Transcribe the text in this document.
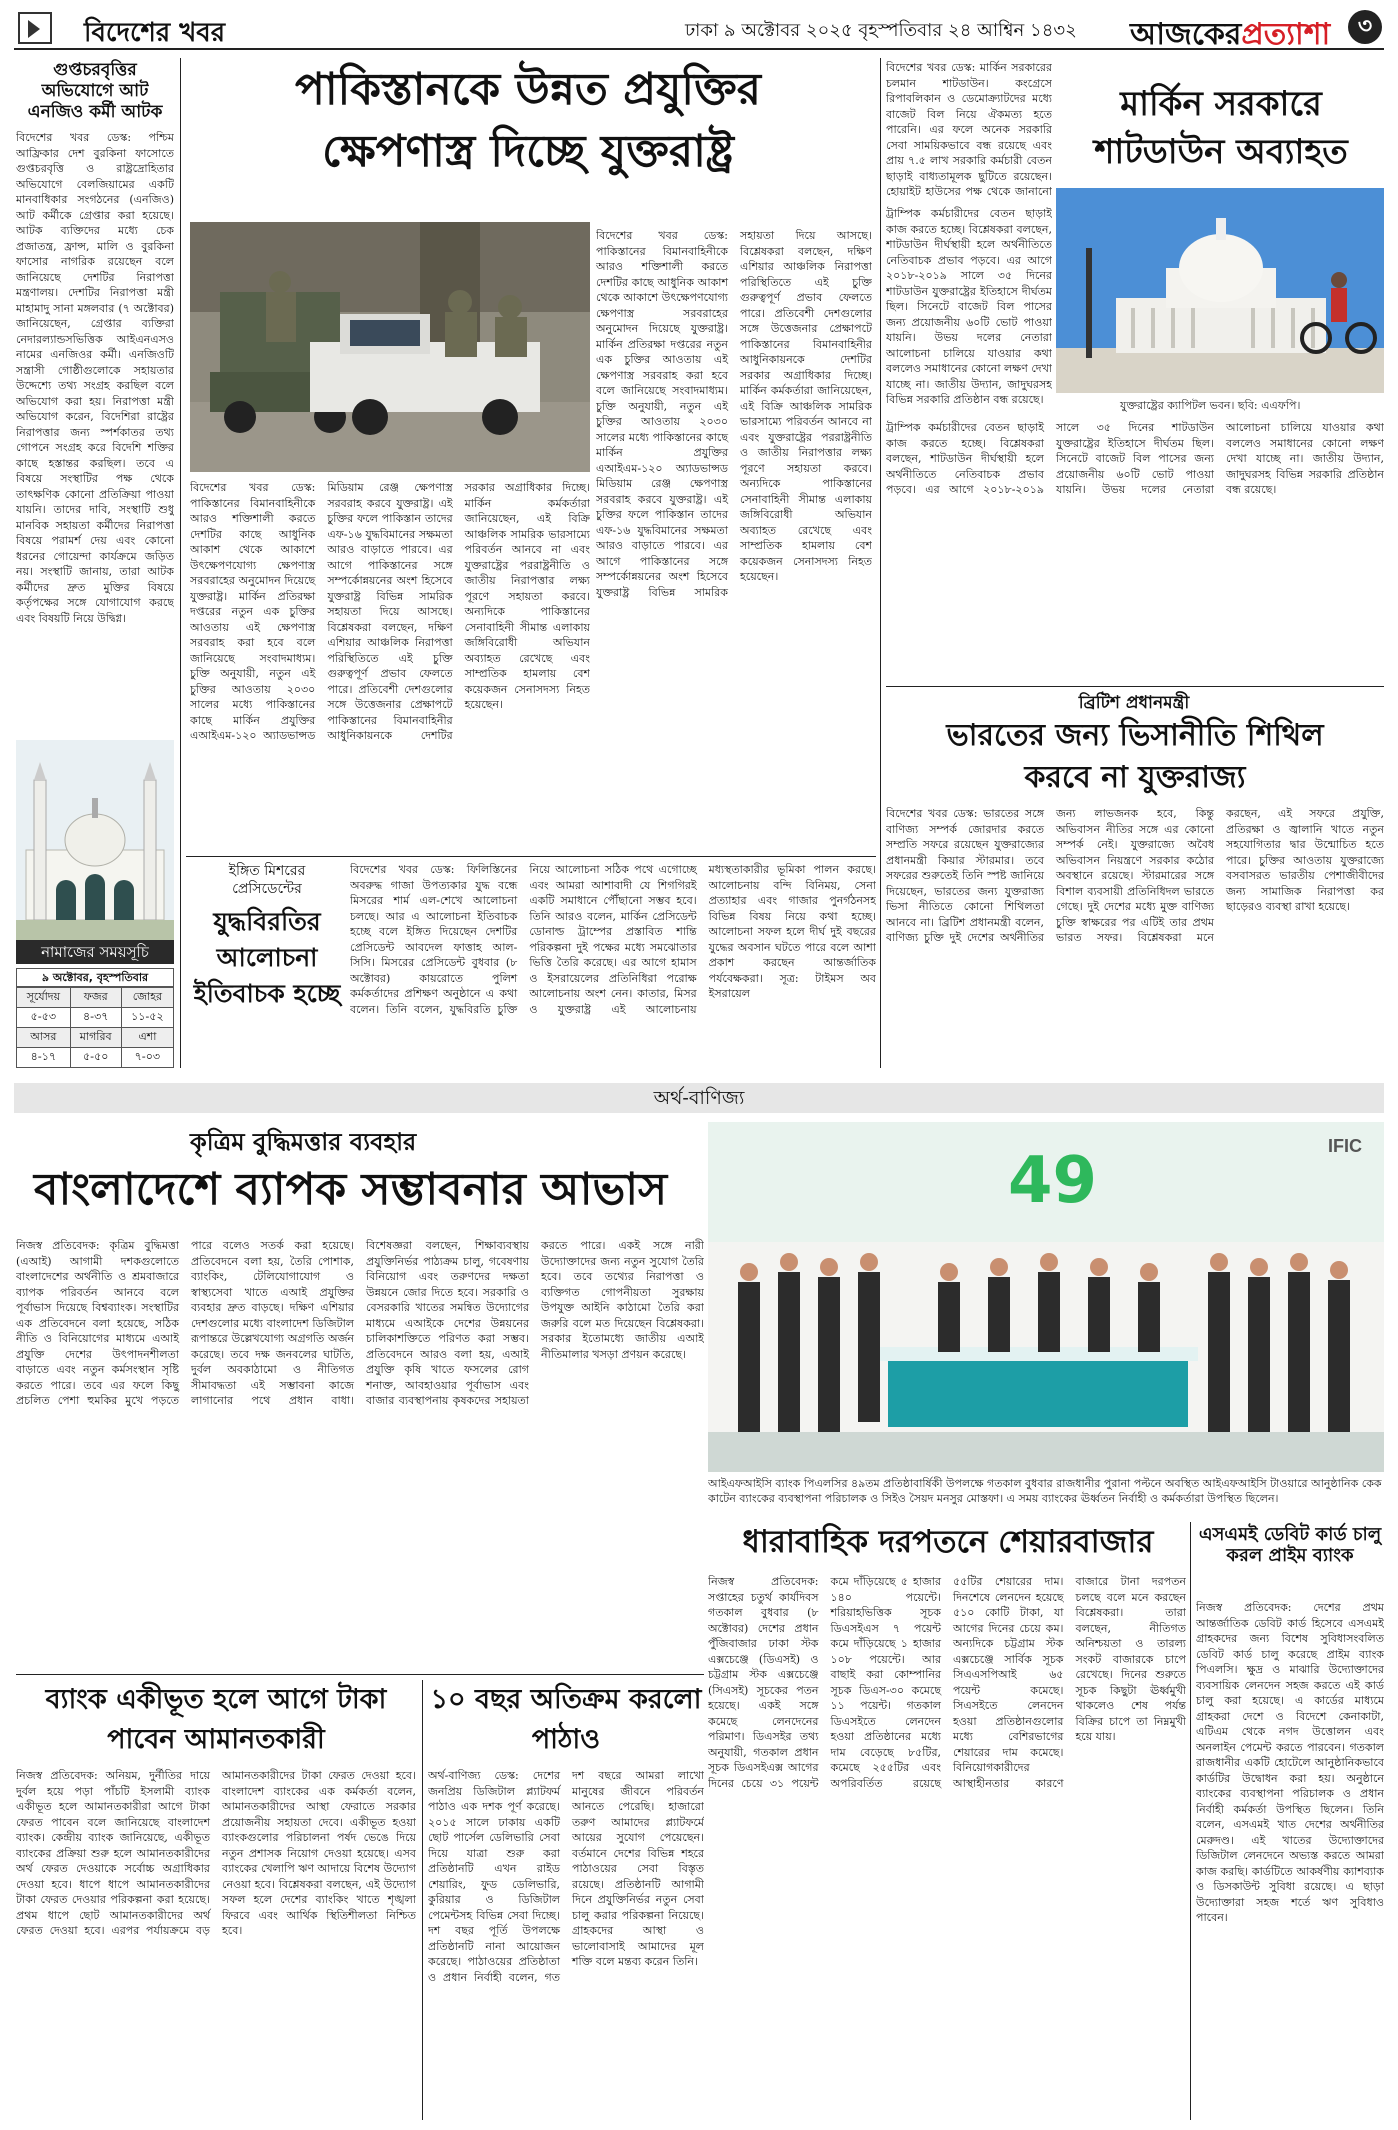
বিদেশের খবর	ঢাকা ৯ অক্টোবর ২০২৫ বৃহস্পতিবার ২৪ আশ্বিন ১৪৩২ আজকেরপ্রত্যাশা	৩
গুপ্তচরবৃত্তির অভিযোগে আট এনজিও কর্মী আটক
বিদেশের খবর ডেস্ক: পশ্চিম আফ্রিকার দেশ বুরকিনা ফাসোতে গুপ্তচরবৃত্তি ও রাষ্ট্রদ্রোহিতার অভিযোগে বেলজিয়ামের একটি মানবাধিকার সংগঠনের (এনজিও) আট কর্মীকে গ্রেপ্তার করা হয়েছে। আটক ব্যক্তিদের মধ্যে চেক প্রজাতন্ত্র, ফ্রান্স, মালি ও বুরকিনা ফাসোর নাগরিক রয়েছেন বলে জানিয়েছে দেশটির নিরাপত্তা মন্ত্রণালয়। দেশটির নিরাপত্তা মন্ত্রী মাহামাদু সানা মঙ্গলবার (৭ অক্টোবর) জানিয়েছেন, গ্রেপ্তার ব্যক্তিরা নেদারল্যান্ডসভিত্তিক আইএনএসও নামের এনজিওর কর্মী। এনজিওটি সন্ত্রাসী গোষ্ঠীগুলোকে সহায়তার উদ্দেশ্যে তথ্য সংগ্রহ করছিল বলে অভিযোগ করা হয়। নিরাপত্তা মন্ত্রী অভিযোগ করেন, বিদেশিরা রাষ্ট্রের নিরাপত্তার জন্য স্পর্শকাতর তথ্য গোপনে সংগ্রহ করে বিদেশি শক্তির কাছে হস্তান্তর করছিল। তবে এ বিষয়ে সংস্থাটির পক্ষ থেকে তাৎক্ষণিক কোনো প্রতিক্রিয়া পাওয়া যায়নি। তাদের দাবি, সংস্থাটি শুধু মানবিক সহায়তা কর্মীদের নিরাপত্তা বিষয়ে পরামর্শ দেয় এবং কোনো ধরনের গোয়েন্দা কার্যক্রমে জড়িত নয়। সংস্থাটি জানায়, তারা আটক কর্মীদের দ্রুত মুক্তির বিষয়ে কর্তৃপক্ষের সঙ্গে যোগাযোগ করছে এবং বিষয়টি নিয়ে উদ্বিগ্ন।
নামাজের সময়সূচি
৯ অক্টোবর, বৃহস্পতিবার
সূর্যোদয়	ফজর	জোহর
৫-৫৩	৪-৩৭	১১-৫২
আসর	মাগরিব	এশা
৪-১৭	৫-৫০	৭-০৩
পাকিস্তানকে উন্নত প্রযুক্তির
ক্ষেপণাস্ত্র দিচ্ছে যুক্তরাষ্ট্র
বিদেশের খবর ডেস্ক: পাকিস্তানের বিমানবাহিনীকে আরও শক্তিশালী করতে দেশটির কাছে আধুনিক আকাশ থেকে আকাশে উৎক্ষেপণযোগ্য ক্ষেপণাস্ত্র সরবরাহের অনুমোদন দিয়েছে যুক্তরাষ্ট্র। মার্কিন প্রতিরক্ষা দপ্তরের নতুন এক চুক্তির আওতায় এই ক্ষেপণাস্ত্র সরবরাহ করা হবে বলে জানিয়েছে সংবাদমাধ্যম। চুক্তি অনুযায়ী, নতুন এই চুক্তির আওতায় ২০৩০ সালের মধ্যে পাকিস্তানের কাছে মার্কিন প্রযুক্তির এআইএম-১২০ অ্যাডভান্সড মিডিয়াম রেঞ্জ ক্ষেপণাস্ত্র সরবরাহ করবে যুক্তরাষ্ট্র। এই চুক্তির ফলে পাকিস্তান তাদের এফ-১৬ যুদ্ধবিমানের সক্ষমতা আরও বাড়াতে পারবে। এর আগে পাকিস্তানের সঙ্গে সম্পর্কোন্নয়নের অংশ হিসেবে যুক্তরাষ্ট্র বিভিন্ন সামরিক সহায়তা দিয়ে আসছে। বিশ্লেষকরা বলছেন, দক্ষিণ এশিয়ার আঞ্চলিক নিরাপত্তা পরিস্থিতিতে এই চুক্তি গুরুত্বপূর্ণ প্রভাব ফেলতে পারে। প্রতিবেশী দেশগুলোর সঙ্গে উত্তেজনার প্রেক্ষাপটে পাকিস্তানের বিমানবাহিনীর আধুনিকায়নকে দেশটির সরকার অগ্রাধিকার দিচ্ছে। মার্কিন কর্মকর্তারা জানিয়েছেন, এই বিক্রি আঞ্চলিক সামরিক ভারসাম্যে পরিবর্তন আনবে না এবং যুক্তরাষ্ট্রের পররাষ্ট্রনীতি ও জাতীয় নিরাপত্তার লক্ষ্য পূরণে সহায়তা করবে। অন্যদিকে পাকিস্তানের সেনাবাহিনী সীমান্ত এলাকায় জঙ্গিবিরোধী অভিযান অব্যাহত রেখেছে এবং সাম্প্রতিক হামলায় বেশ কয়েকজন সেনাসদস্য নিহত হয়েছেন।
বিদেশের খবর ডেস্ক: পাকিস্তানের বিমানবাহিনীকে আরও শক্তিশালী করতে দেশটির কাছে আধুনিক আকাশ থেকে আকাশে উৎক্ষেপণযোগ্য ক্ষেপণাস্ত্র সরবরাহের অনুমোদন দিয়েছে যুক্তরাষ্ট্র। মার্কিন প্রতিরক্ষা দপ্তরের নতুন এক চুক্তির আওতায় এই ক্ষেপণাস্ত্র সরবরাহ করা হবে বলে জানিয়েছে সংবাদমাধ্যম। চুক্তি অনুযায়ী, নতুন এই চুক্তির আওতায় ২০৩০ সালের মধ্যে পাকিস্তানের কাছে মার্কিন প্রযুক্তির এআইএম-১২০ অ্যাডভান্সড মিডিয়াম রেঞ্জ ক্ষেপণাস্ত্র সরবরাহ করবে যুক্তরাষ্ট্র। এই চুক্তির ফলে পাকিস্তান তাদের এফ-১৬ যুদ্ধবিমানের সক্ষমতা আরও বাড়াতে পারবে। এর আগে পাকিস্তানের সঙ্গে সম্পর্কোন্নয়নের অংশ হিসেবে যুক্তরাষ্ট্র বিভিন্ন সামরিক সহায়তা দিয়ে আসছে। বিশ্লেষকরা বলছেন, দক্ষিণ এশিয়ার আঞ্চলিক নিরাপত্তা পরিস্থিতিতে এই চুক্তি গুরুত্বপূর্ণ প্রভাব ফেলতে পারে। প্রতিবেশী দেশগুলোর সঙ্গে উত্তেজনার প্রেক্ষাপটে পাকিস্তানের বিমানবাহিনীর আধুনিকায়নকে দেশটির সরকার অগ্রাধিকার দিচ্ছে। মার্কিন কর্মকর্তারা জানিয়েছেন, এই বিক্রি আঞ্চলিক সামরিক ভারসাম্যে পরিবর্তন আনবে না এবং যুক্তরাষ্ট্রের পররাষ্ট্রনীতি ও জাতীয় নিরাপত্তার লক্ষ্য পূরণে সহায়তা করবে। অন্যদিকে পাকিস্তানের সেনাবাহিনী সীমান্ত এলাকায় জঙ্গিবিরোধী অভিযান অব্যাহত রেখেছে এবং সাম্প্রতিক হামলায় বেশ কয়েকজন সেনাসদস্য নিহত হয়েছেন।
বিদেশের খবর ডেস্ক: মার্কিন সরকারের চলমান শাটডাউন। কংগ্রেসে রিপাবলিকান ও ডেমোক্র্যাটদের মধ্যে বাজেট বিল নিয়ে ঐকমত্য হতে পারেনি। এর ফলে অনেক সরকারি সেবা সাময়িকভাবে বন্ধ রয়েছে এবং প্রায় ৭.৫ লাখ সরকারি কর্মচারী বেতন ছাড়াই বাধ্যতামূলক ছুটিতে রয়েছেন। হোয়াইট হাউসের পক্ষ থেকে জানানো
মার্কিন সরকারে
শাটডাউন অব্যাহত
যুক্তরাষ্ট্রের ক্যাপিটল ভবন। ছবি: এএফপি।
ট্রাম্পিক কর্মচারীদের বেতন ছাড়াই কাজ করতে হচ্ছে। বিশ্লেষকরা বলছেন, শাটডাউন দীর্ঘস্থায়ী হলে অর্থনীতিতে নেতিবাচক প্রভাব পড়বে। এর আগে ২০১৮-২০১৯ সালে ৩৫ দিনের শাটডাউন যুক্তরাষ্ট্রের ইতিহাসে দীর্ঘতম ছিল। সিনেটে বাজেট বিল পাসের জন্য প্রয়োজনীয় ৬০টি ভোট পাওয়া যায়নি। উভয় দলের নেতারা আলোচনা চালিয়ে যাওয়ার কথা বললেও সমাধানের কোনো লক্ষণ দেখা যাচ্ছে না। জাতীয় উদ্যান, জাদুঘরসহ বিভিন্ন সরকারি প্রতিষ্ঠান বন্ধ রয়েছে।
ট্রাম্পিক কর্মচারীদের বেতন ছাড়াই কাজ করতে হচ্ছে। বিশ্লেষকরা বলছেন, শাটডাউন দীর্ঘস্থায়ী হলে অর্থনীতিতে নেতিবাচক প্রভাব পড়বে। এর আগে ২০১৮-২০১৯ সালে ৩৫ দিনের শাটডাউন যুক্তরাষ্ট্রের ইতিহাসে দীর্ঘতম ছিল। সিনেটে বাজেট বিল পাসের জন্য প্রয়োজনীয় ৬০টি ভোট পাওয়া যায়নি। উভয় দলের নেতারা আলোচনা চালিয়ে যাওয়ার কথা বললেও সমাধানের কোনো লক্ষণ দেখা যাচ্ছে না। জাতীয় উদ্যান, জাদুঘরসহ বিভিন্ন সরকারি প্রতিষ্ঠান বন্ধ রয়েছে।
ব্রিটিশ প্রধানমন্ত্রী
ভারতের জন্য ভিসানীতি শিথিল
করবে না যুক্তরাজ্য
বিদেশের খবর ডেস্ক: ভারতের সঙ্গে বাণিজ্য সম্পর্ক জোরদার করতে সম্প্রতি সফরে রয়েছেন যুক্তরাজ্যের প্রধানমন্ত্রী কিয়ার স্টারমার। তবে সফরের শুরুতেই তিনি স্পষ্ট জানিয়ে দিয়েছেন, ভারতের জন্য যুক্তরাজ্য ভিসা নীতিতে কোনো শিথিলতা আনবে না। ব্রিটিশ প্রধানমন্ত্রী বলেন, বাণিজ্য চুক্তি দুই দেশের অর্থনীতির জন্য লাভজনক হবে, কিন্তু অভিবাসন নীতির সঙ্গে এর কোনো সম্পর্ক নেই। যুক্তরাজ্যে অবৈধ অভিবাসন নিয়ন্ত্রণে সরকার কঠোর অবস্থানে রয়েছে। স্টারমারের সঙ্গে বিশাল ব্যবসায়ী প্রতিনিধিদল ভারতে গেছে। দুই দেশের মধ্যে মুক্ত বাণিজ্য চুক্তি স্বাক্ষরের পর এটিই তার প্রথম ভারত সফর। বিশ্লেষকরা মনে করছেন, এই সফরে প্রযুক্তি, প্রতিরক্ষা ও জ্বালানি খাতে নতুন সহযোগিতার দ্বার উন্মোচিত হতে পারে। চুক্তির আওতায় যুক্তরাজ্যে বসবাসরত ভারতীয় পেশাজীবীদের জন্য সামাজিক নিরাপত্তা কর ছাড়েরও ব্যবস্থা রাখা হয়েছে।
ইঙ্গিত মিশরের প্রেসিডেন্টের
যুদ্ধবিরতির আলোচনা ইতিবাচক হচ্ছে
বিদেশের খবর ডেস্ক: ফিলিস্তিনের অবরুদ্ধ গাজা উপত্যকার যুদ্ধ বন্ধে মিসরের শার্ম এল-শেখে আলোচনা চলছে। আর এ আলোচনা ইতিবাচক হচ্ছে বলে ইঙ্গিত দিয়েছেন দেশটির প্রেসিডেন্ট আবদেল ফাত্তাহ আল-সিসি। মিসরের প্রেসিডেন্ট বুধবার (৮ অক্টোবর) কায়রোতে পুলিশ কর্মকর্তাদের প্রশিক্ষণ অনুষ্ঠানে এ কথা বলেন। তিনি বলেন, যুদ্ধবিরতি চুক্তি নিয়ে আলোচনা সঠিক পথে এগোচ্ছে এবং আমরা আশাবাদী যে শিগগিরই একটি সমাধানে পৌঁছানো সম্ভব হবে। তিনি আরও বলেন, মার্কিন প্রেসিডেন্ট ডোনাল্ড ট্রাম্পের প্রস্তাবিত শান্তি পরিকল্পনা দুই পক্ষের মধ্যে সমঝোতার ভিত্তি তৈরি করেছে। এর আগে হামাস ও ইসরায়েলের প্রতিনিধিরা পরোক্ষ আলোচনায় অংশ নেন। কাতার, মিসর ও যুক্তরাষ্ট্র এই আলোচনায় মধ্যস্থতাকারীর ভূমিকা পালন করছে। আলোচনায় বন্দি বিনিময়, সেনা প্রত্যাহার এবং গাজার পুনর্গঠনসহ বিভিন্ন বিষয় নিয়ে কথা হচ্ছে। আলোচনা সফল হলে দীর্ঘ দুই বছরের যুদ্ধের অবসান ঘটতে পারে বলে আশা প্রকাশ করছেন আন্তর্জাতিক পর্যবেক্ষকরা। সূত্র: টাইমস অব ইসরায়েল
অর্থ-বাণিজ্য
কৃত্রিম বুদ্ধিমত্তার ব্যবহার
বাংলাদেশে ব্যাপক সম্ভাবনার আভাস
নিজস্ব প্রতিবেদক: কৃত্রিম বুদ্ধিমত্তা (এআই) আগামী দশকগুলোতে বাংলাদেশের অর্থনীতি ও শ্রমবাজারে ব্যাপক পরিবর্তন আনবে বলে পূর্বাভাস দিয়েছে বিশ্বব্যাংক। সংস্থাটির এক প্রতিবেদনে বলা হয়েছে, সঠিক নীতি ও বিনিয়োগের মাধ্যমে এআই প্রযুক্তি দেশের উৎপাদনশীলতা বাড়াতে এবং নতুন কর্মসংস্থান সৃষ্টি করতে পারে। তবে এর ফলে কিছু প্রচলিত পেশা হুমকির মুখে পড়তে পারে বলেও সতর্ক করা হয়েছে। প্রতিবেদনে বলা হয়, তৈরি পোশাক, ব্যাংকিং, টেলিযোগাযোগ ও স্বাস্থ্যসেবা খাতে এআই প্রযুক্তির ব্যবহার দ্রুত বাড়ছে। দক্ষিণ এশিয়ার দেশগুলোর মধ্যে বাংলাদেশ ডিজিটাল রূপান্তরে উল্লেখযোগ্য অগ্রগতি অর্জন করেছে। তবে দক্ষ জনবলের ঘাটতি, দুর্বল অবকাঠামো ও নীতিগত সীমাবদ্ধতা এই সম্ভাবনা কাজে লাগানোর পথে প্রধান বাধা। বিশেষজ্ঞরা বলছেন, শিক্ষাব্যবস্থায় প্রযুক্তিনির্ভর পাঠ্যক্রম চালু, গবেষণায় বিনিয়োগ এবং তরুণদের দক্ষতা উন্নয়নে জোর দিতে হবে। সরকারি ও বেসরকারি খাতের সমন্বিত উদ্যোগের মাধ্যমে এআইকে দেশের উন্নয়নের চালিকাশক্তিতে পরিণত করা সম্ভব। প্রতিবেদনে আরও বলা হয়, এআই প্রযুক্তি কৃষি খাতে ফসলের রোগ শনাক্ত, আবহাওয়ার পূর্বাভাস এবং বাজার ব্যবস্থাপনায় কৃষকদের সহায়তা করতে পারে। একই সঙ্গে নারী উদ্যোক্তাদের জন্য নতুন সুযোগ তৈরি হবে। তবে তথ্যের নিরাপত্তা ও ব্যক্তিগত গোপনীয়তা সুরক্ষায় উপযুক্ত আইনি কাঠামো তৈরি করা জরুরি বলে মত দিয়েছেন বিশ্লেষকরা। সরকার ইতোমধ্যে জাতীয় এআই নীতিমালার খসড়া প্রণয়ন করেছে।
49	IFIC
আইএফআইসি ব্যাংক পিএলসির ৪৯তম প্রতিষ্ঠাবার্ষিকী উপলক্ষে গতকাল বুধবার রাজধানীর পুরানা পল্টনে অবস্থিত আইএফআইসি টাওয়ারে আনুষ্ঠানিক কেক কাটেন ব্যাংকের ব্যবস্থাপনা পরিচালক ও সিইও সৈয়দ মনসুর মোস্তফা। এ সময় ব্যাংকের ঊর্ধ্বতন নির্বাহী ও কর্মকর্তারা উপস্থিত ছিলেন।
ধারাবাহিক দরপতনে শেয়ারবাজার
নিজস্ব প্রতিবেদক: সপ্তাহের চতুর্থ কার্যদিবস গতকাল বুধবার (৮ অক্টোবর) দেশের প্রধান পুঁজিবাজার ঢাকা স্টক এক্সচেঞ্জে (ডিএসই) ও চট্টগ্রাম স্টক এক্সচেঞ্জে (সিএসই) সূচকের পতন হয়েছে। একই সঙ্গে কমেছে লেনদেনের পরিমাণ। ডিএসইর তথ্য অনুযায়ী, গতকাল প্রধান সূচক ডিএসইএক্স আগের দিনের চেয়ে ৩১ পয়েন্ট কমে দাঁড়িয়েছে ৫ হাজার ১৪০ পয়েন্টে। শরিয়াহভিত্তিক সূচক ডিএসইএস ৭ পয়েন্ট কমে দাঁড়িয়েছে ১ হাজার ১০৮ পয়েন্টে। আর বাছাই করা কোম্পানির সূচক ডিএস-৩০ কমেছে ১১ পয়েন্ট। গতকাল ডিএসইতে লেনদেন হওয়া প্রতিষ্ঠানের মধ্যে দাম বেড়েছে ৮৫টির, কমেছে ২৫৫টির এবং অপরিবর্তিত রয়েছে ৫৫টির শেয়ারের দাম। দিনশেষে লেনদেন হয়েছে ৫১০ কোটি টাকা, যা আগের দিনের চেয়ে কম। অন্যদিকে চট্টগ্রাম স্টক এক্সচেঞ্জে সার্বিক সূচক সিএএসপিআই ৬৫ পয়েন্ট কমেছে। সিএসইতে লেনদেন হওয়া প্রতিষ্ঠানগুলোর মধ্যে বেশিরভাগের শেয়ারের দাম কমেছে। বিনিয়োগকারীদের আস্থাহীনতার কারণে বাজারে টানা দরপতন চলছে বলে মনে করছেন বিশ্লেষকরা। তারা বলছেন, নীতিগত অনিশ্চয়তা ও তারল্য সংকট বাজারকে চাপে রেখেছে। দিনের শুরুতে সূচক কিছুটা ঊর্ধ্বমুখী থাকলেও শেষ পর্যন্ত বিক্রির চাপে তা নিম্নমুখী হয়ে যায়।
এসএমই ডেবিট কার্ড চালু করল প্রাইম ব্যাংক
নিজস্ব প্রতিবেদক: দেশের প্রথম আন্তর্জাতিক ডেবিট কার্ড হিসেবে এসএমই গ্রাহকদের জন্য বিশেষ সুবিধাসংবলিত ডেবিট কার্ড চালু করেছে প্রাইম ব্যাংক পিএলসি। ক্ষুদ্র ও মাঝারি উদ্যোক্তাদের ব্যবসায়িক লেনদেন সহজ করতে এই কার্ড চালু করা হয়েছে। এ কার্ডের মাধ্যমে গ্রাহকরা দেশে ও বিদেশে কেনাকাটা, এটিএম থেকে নগদ উত্তোলন এবং অনলাইন পেমেন্ট করতে পারবেন। গতকাল রাজধানীর একটি হোটেলে আনুষ্ঠানিকভাবে কার্ডটির উদ্বোধন করা হয়। অনুষ্ঠানে ব্যাংকের ব্যবস্থাপনা পরিচালক ও প্রধান নির্বাহী কর্মকর্তা উপস্থিত ছিলেন। তিনি বলেন, এসএমই খাত দেশের অর্থনীতির মেরুদণ্ড। এই খাতের উদ্যোক্তাদের ডিজিটাল লেনদেনে অভ্যস্ত করতে আমরা কাজ করছি। কার্ডটিতে আকর্ষণীয় ক্যাশব্যাক ও ডিসকাউন্ট সুবিধা রয়েছে। এ ছাড়া উদ্যোক্তারা সহজ শর্তে ঋণ সুবিধাও পাবেন।
ব্যাংক একীভূত হলে আগে টাকা পাবেন আমানতকারী
নিজস্ব প্রতিবেদক: অনিয়ম, দুর্নীতির দায়ে দুর্বল হয়ে পড়া পাঁচটি ইসলামী ব্যাংক একীভূত হলে আমানতকারীরা আগে টাকা ফেরত পাবেন বলে জানিয়েছে বাংলাদেশ ব্যাংক। কেন্দ্রীয় ব্যাংক জানিয়েছে, একীভূত ব্যাংকের প্রক্রিয়া শুরু হলে আমানতকারীদের অর্থ ফেরত দেওয়াকে সর্বোচ্চ অগ্রাধিকার দেওয়া হবে। ধাপে ধাপে আমানতকারীদের টাকা ফেরত দেওয়ার পরিকল্পনা করা হয়েছে। প্রথম ধাপে ছোট আমানতকারীদের অর্থ ফেরত দেওয়া হবে। এরপর পর্যায়ক্রমে বড় আমানতকারীদের টাকা ফেরত দেওয়া হবে। বাংলাদেশ ব্যাংকের এক কর্মকর্তা বলেন, আমানতকারীদের আস্থা ফেরাতে সরকার প্রয়োজনীয় সহায়তা দেবে। একীভূত হওয়া ব্যাংকগুলোর পরিচালনা পর্ষদ ভেঙে দিয়ে নতুন প্রশাসক নিয়োগ দেওয়া হয়েছে। এসব ব্যাংকের খেলাপি ঋণ আদায়ে বিশেষ উদ্যোগ নেওয়া হবে। বিশ্লেষকরা বলছেন, এই উদ্যোগ সফল হলে দেশের ব্যাংকিং খাতে শৃঙ্খলা ফিরবে এবং আর্থিক স্থিতিশীলতা নিশ্চিত হবে।
১০ বছর অতিক্রম করলো পাঠাও
অর্থ-বাণিজ্য ডেস্ক: দেশের জনপ্রিয় ডিজিটাল প্ল্যাটফর্ম পাঠাও এক দশক পূর্ণ করেছে। ২০১৫ সালে ঢাকায় একটি ছোট পার্সেল ডেলিভারি সেবা দিয়ে যাত্রা শুরু করা প্রতিষ্ঠানটি এখন রাইড শেয়ারিং, ফুড ডেলিভারি, কুরিয়ার ও ডিজিটাল পেমেন্টসহ বিভিন্ন সেবা দিচ্ছে। দশ বছর পূর্তি উপলক্ষে প্রতিষ্ঠানটি নানা আয়োজন করেছে। পাঠাওয়ের প্রতিষ্ঠাতা ও প্রধান নির্বাহী বলেন, গত দশ বছরে আমরা লাখো মানুষের জীবনে পরিবর্তন আনতে পেরেছি। হাজারো তরুণ আমাদের প্ল্যাটফর্মে আয়ের সুযোগ পেয়েছেন। বর্তমানে দেশের বিভিন্ন শহরে পাঠাওয়ের সেবা বিস্তৃত রয়েছে। প্রতিষ্ঠানটি আগামী দিনে প্রযুক্তিনির্ভর নতুন সেবা চালু করার পরিকল্পনা নিয়েছে। গ্রাহকদের আস্থা ও ভালোবাসাই আমাদের মূল শক্তি বলে মন্তব্য করেন তিনি।
